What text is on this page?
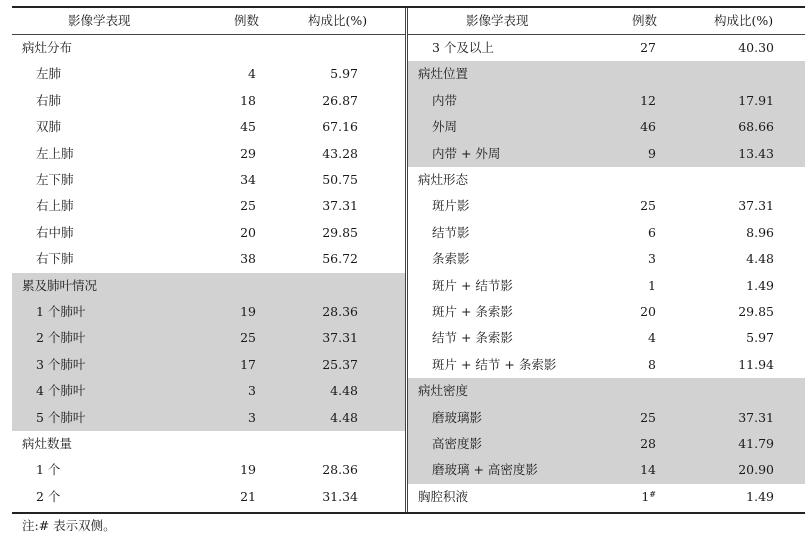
影像学表现	例数	构成比(%)
病灶分布
左肺	4	5.97
右肺	18	26.87
双肺	45	67.16
左上肺	29	43.28
左下肺	34	50.75
右上肺	25	37.31
右中肺	20	29.85
右下肺	38	56.72
累及肺叶情况
1 个肺叶	19	28.36
2 个肺叶	25	37.31
3 个肺叶	17	25.37
4 个肺叶	3	4.48
5 个肺叶	3	4.48
病灶数量
1 个	19	28.36
2 个	21	31.34
影像学表现	例数	构成比(%)
3 个及以上	27	40.30
病灶位置
内带	12	17.91
外周	46	68.66
内带 + 外周	9	13.43
病灶形态
斑片影	25	37.31
结节影	6	8.96
条索影	3	4.48
斑片 + 结节影	1	1.49
斑片 + 条索影	20	29.85
结节 + 条索影	4	5.97
斑片 + 结节 + 条索影	8	11.94
病灶密度
磨玻璃影	25	37.31
高密度影	28	41.79
磨玻璃 + 高密度影	14	20.90
胸腔积液	1#	1.49
注:# 表示双侧。
